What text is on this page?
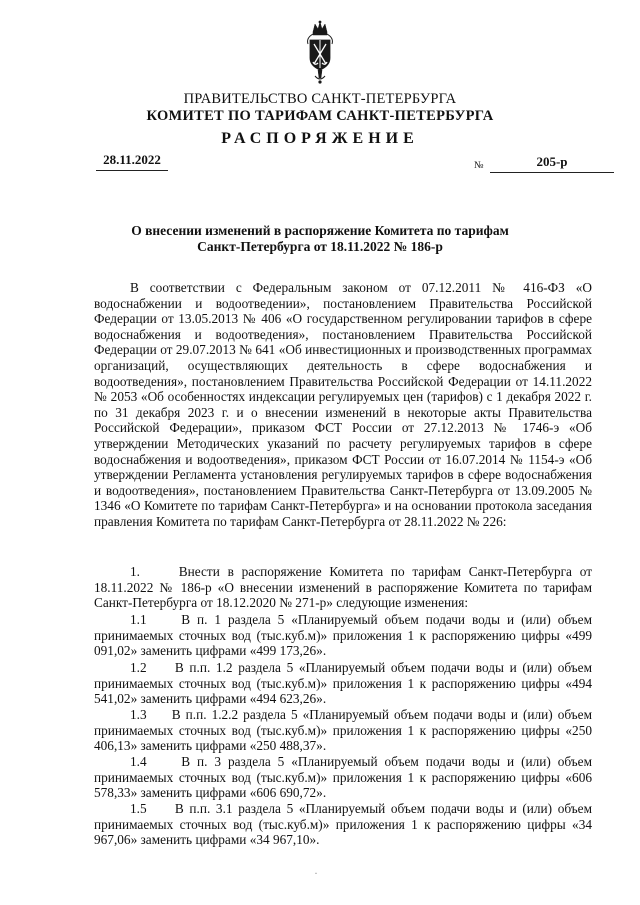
ПРАВИТЕЛЬСТВО САНКТ-ПЕТЕРБУРГА
КОМИТЕТ ПО ТАРИФАМ САНКТ-ПЕТЕРБУРГА
РАСПОРЯЖЕНИЕ
28.11.2022	№	205-р
О внесении изменений в распоряжение Комитета по тарифам
Санкт-Петербурга от 18.11.2022 № 186-р
В соответствии с Федеральным законом от 07.12.2011 № 416-ФЗ «О водоснабжении и водоотведении», постановлением Правительства Российской Федерации от 13.05.2013 № 406 «О государственном регулировании тарифов в сфере водоснабжения и водоотведения», постановлением Правительства Российской Федерации от 29.07.2013 № 641 «Об инвестиционных и производственных программах организаций, осуществляющих деятельность в сфере водоснабжения и водоотведения», постановлением Правительства Российской Федерации от 14.11.2022 № 2053 «Об особенностях индексации регулируемых цен (тарифов) с 1 декабря 2022 г. по 31 декабря 2023 г. и о внесении изменений в некоторые акты Правительства Российской Федерации», приказом ФСТ России от 27.12.2013 № 1746-э «Об утверждении Методических указаний по расчету регулируемых тарифов в сфере водоснабжения и водоотведения», приказом ФСТ России от 16.07.2014 № 1154-э «Об утверждении Регламента установления регулируемых тарифов в сфере водоснабжения и водоотведения», постановлением Правительства Санкт-Петербурга от 13.09.2005 № 1346 «О Комитете по тарифам Санкт-Петербурга» и на основании протокола заседания правления Комитета по тарифам Санкт-Петербурга от 28.11.2022 № 226:
1.	Внести в распоряжение Комитета по тарифам Санкт-Петербурга от 18.11.2022 № 186-р «О внесении изменений в распоряжение Комитета по тарифам Санкт-Петербурга от 18.12.2020 № 271-р» следующие изменения:
1.1	В п. 1 раздела 5 «Планируемый объем подачи воды и (или) объем принимаемых сточных вод (тыс.куб.м)» приложения 1 к распоряжению цифры «499 091,02» заменить цифрами «499 173,26».
1.2 В п.п. 1.2 раздела 5 «Планируемый объем подачи воды и (или) объем принимаемых сточных вод (тыс.куб.м)» приложения 1 к распоряжению цифры «494 541,02» заменить цифрами «494 623,26».
1.3 В п.п. 1.2.2 раздела 5 «Планируемый объем подачи воды и (или) объем принимаемых сточных вод (тыс.куб.м)» приложения 1 к распоряжению цифры «250 406,13» заменить цифрами «250 488,37».
1.4	В п. 3 раздела 5 «Планируемый объем подачи воды и (или) объем принимаемых сточных вод (тыс.куб.м)» приложения 1 к распоряжению цифры «606 578,33» заменить цифрами «606 690,72».
1.5 В п.п. 3.1 раздела 5 «Планируемый объем подачи воды и (или) объем принимаемых сточных вод (тыс.куб.м)» приложения 1 к распоряжению цифры «34 967,06» заменить цифрами «34 967,10».
·
